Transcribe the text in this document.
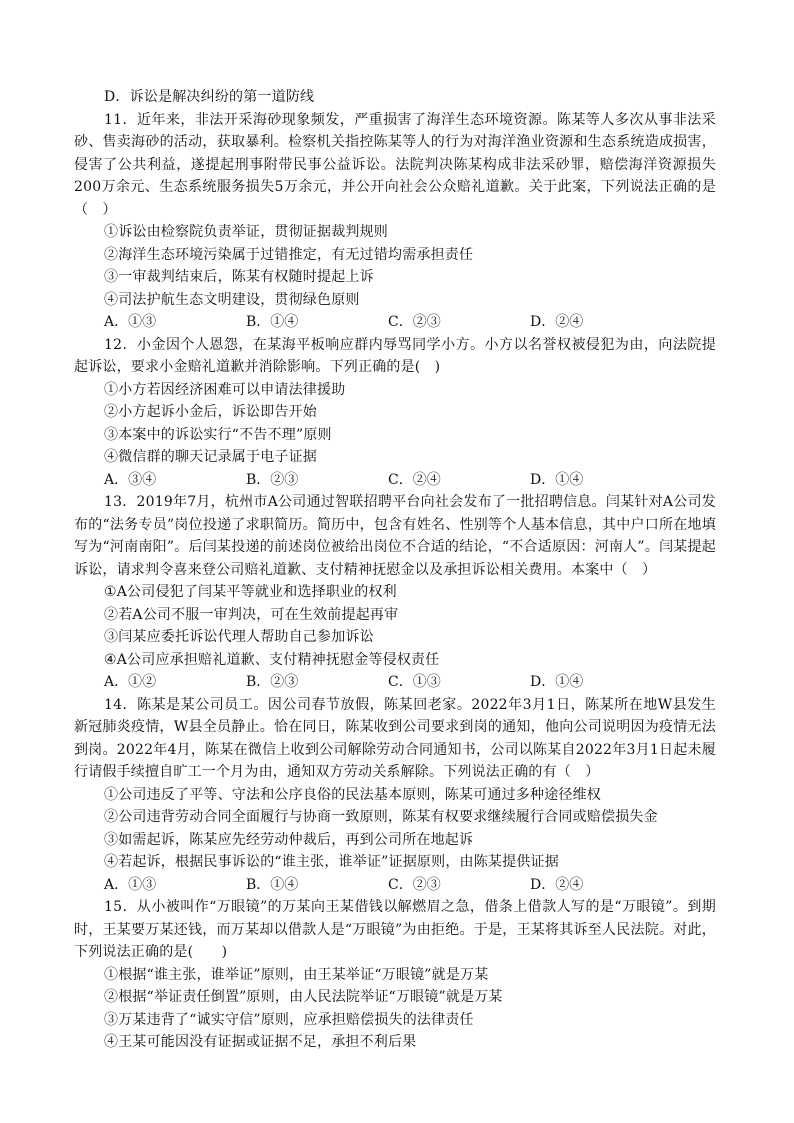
D．诉讼是解决纠纷的第一道防线
11．近年来，非法开采海砂现象频发，严重损害了海洋生态环境资源。陈某等人多次从事非法采砂、售卖海砂的活动，获取暴利。检察机关指控陈某等人的行为对海洋渔业资源和生态系统造成损害，侵害了公共利益，遂提起刑事附带民事公益诉讼。法院判决陈某构成非法采砂罪，赔偿海洋资源损失200万余元、生态系统服务损失5万余元，并公开向社会公众赔礼道歉。关于此案，下列说法正确的是（　）
①诉讼由检察院负责举证，贯彻证据裁判规则
②海洋生态环境污染属于过错推定，有无过错均需承担责任
③一审裁判结束后，陈某有权随时提起上诉
④司法护航生态文明建设，贯彻绿色原则
A．①③	B．①④	C．②③	D．②④
12．小金因个人恩怨，在某海平板响应群内辱骂同学小方。小方以名誉权被侵犯为由，向法院提起诉讼，要求小金赔礼道歉并消除影响。下列正确的是(　)
①小方若因经济困难可以申请法律援助
②小方起诉小金后，诉讼即告开始
③本案中的诉讼实行“不告不理”原则
④微信群的聊天记录属于电子证据
A．③④	B．②③	C．②④	D．①④
13．2019年7月，杭州市A公司通过智联招聘平台向社会发布了一批招聘信息。闫某针对A公司发布的“法务专员”岗位投递了求职简历。简历中，包含有姓名、性别等个人基本信息，其中户口所在地填写为“河南南阳”。后闫某投递的前述岗位被给出岗位不合适的结论，“不合适原因：河南人”。闫某提起诉讼，请求判令喜来登公司赔礼道歉、支付精神抚慰金以及承担诉讼相关费用。本案中（　）
①A公司侵犯了闫某平等就业和选择职业的权利
②若A公司不服一审判决，可在生效前提起再审
③闫某应委托诉讼代理人帮助自己参加诉讼
④A公司应承担赔礼道歉、支付精神抚慰金等侵权责任
A．①②	B．②③	C．①③	D．①④
14．陈某是某公司员工。因公司春节放假，陈某回老家。2022年3月1日，陈某所在地W县发生新冠肺炎疫情，W县全员静止。恰在同日，陈某收到公司要求到岗的通知，他向公司说明因为疫情无法到岗。2022年4月，陈某在微信上收到公司解除劳动合同通知书，公司以陈某自2022年3月1日起未履行请假手续擅自旷工一个月为由，通知双方劳动关系解除。下列说法正确的有（　）
①公司违反了平等、守法和公序良俗的民法基本原则，陈某可通过多种途径维权
②公司违背劳动合同全面履行与协商一致原则，陈某有权要求继续履行合同或赔偿损失金
③如需起诉，陈某应先经劳动仲裁后，再到公司所在地起诉
④若起诉，根据民事诉讼的“谁主张，谁举证”证据原则，由陈某提供证据
A．①③	B．①④	C．②③	D．②④
15．从小被叫作“万眼镜”的万某向王某借钱以解燃眉之急，借条上借款人写的是“万眼镜”。到期时，王某要万某还钱，而万某却以借款人是“万眼镜”为由拒绝。于是，王某将其诉至人民法院。对此，下列说法正确的是(　　)
①根据“谁主张，谁举证”原则，由王某举证“万眼镜”就是万某
②根据“举证责任倒置”原则，由人民法院举证“万眼镜”就是万某
③万某违背了“诚实守信”原则，应承担赔偿损失的法律责任
④王某可能因没有证据或证据不足，承担不利后果
